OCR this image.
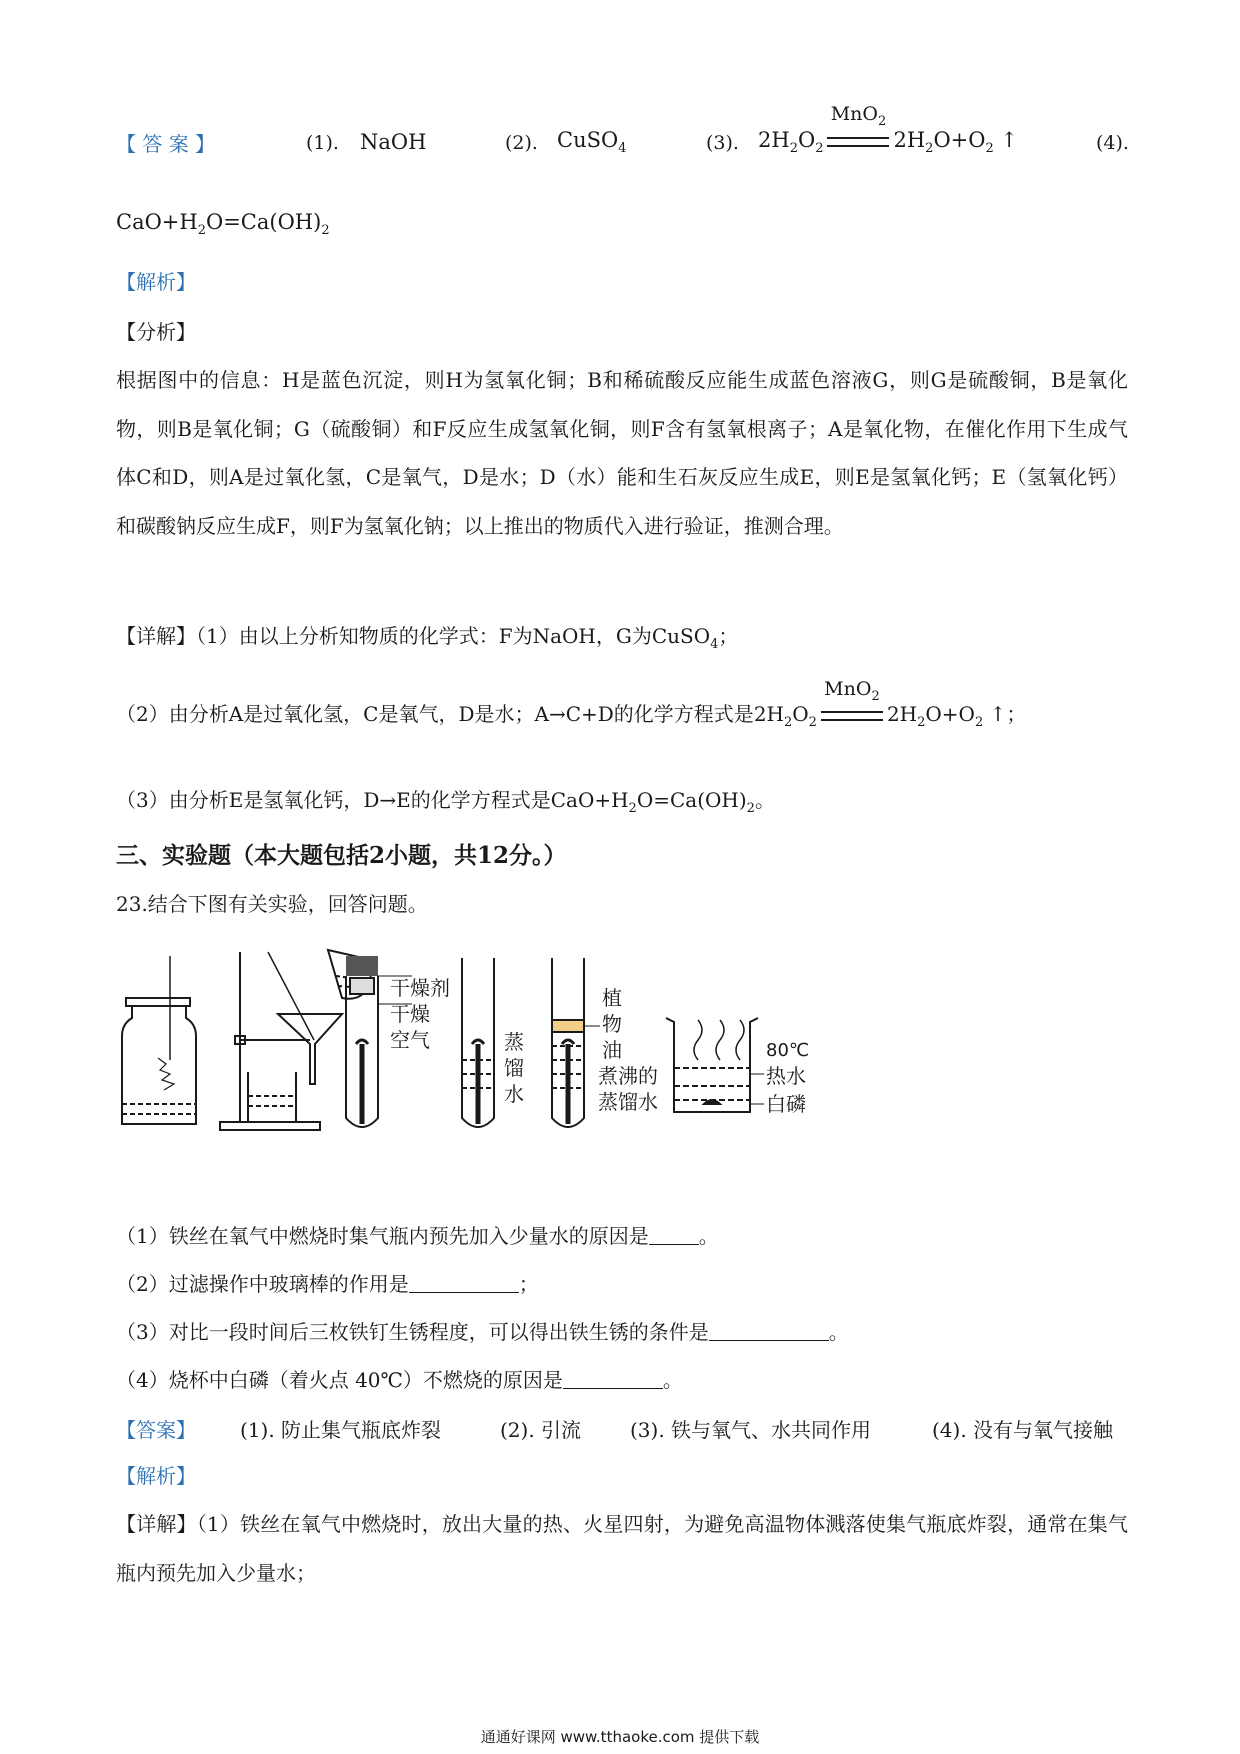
【 答 案 】	(1). NaOH	(2). CuSO$_4$	(3). $2H_2O_2$
MnO$_2$
$2H_2O+O_2$ ↑	(4).
$CaO+H_2O=Ca(OH)_2$
【解析】
【分析】
根据图中的信息：H是蓝色沉淀，则H为氢氧化铜；B和稀硫酸反应能生成蓝色溶液G，则G是硫酸铜，B是氧化物，则B是氧化铜；G（硫酸铜）和F反应生成氢氧化铜，则F含有氢氧根离子；A是氧化物，在催化作用下生成气体C和D，则A是过氧化氢，C是氧气，D是水；D（水）能和生石灰反应生成E，则E是氢氧化钙；E（氢氧化钙）和碳酸钠反应生成F，则F为氢氧化钠；以上推出的物质代入进行验证，推测合理。
【详解】（1）由以上分析知物质的化学式：F为NaOH，G为CuSO$_4$；
（2）由分析A是过氧化氢，C是氧气，D是水；A→C+D的化学方程式是$2H_2O_2$
MnO$_2$
$2H_2O+O_2$ ↑；
（3）由分析E是氢氧化钙，D→E的化学方程式是$CaO+H_2O=Ca(OH)_2$。
三、实验题（本大题包括2小题，共12分。）
23.结合下图有关实验，回答问题。
干燥剂
干燥
空气	蒸
馏
水
植
物
油
煮沸的
蒸馏水
80℃
热水
白磷
（1）铁丝在氧气中燃烧时集气瓶内预先加入少量水的原因是	。
（2）过滤操作中玻璃棒的作用是	；
（3）对比一段时间后三枚铁钉生锈程度，可以得出铁生锈的条件是	。
（4）烧杯中白磷（着火点 40℃）不燃烧的原因是	。
【答案】 (1). 防止集气瓶底炸裂	(2). 引流 (3). 铁与氧气、水共同作用	(4). 没有与氧气接触
【解析】
【详解】（1）铁丝在氧气中燃烧时，放出大量的热、火星四射，为避免高温物体溅落使集气瓶底炸裂，通常在集气瓶内预先加入少量水；
通通好课网 www.tthaoke.com 提供下载
